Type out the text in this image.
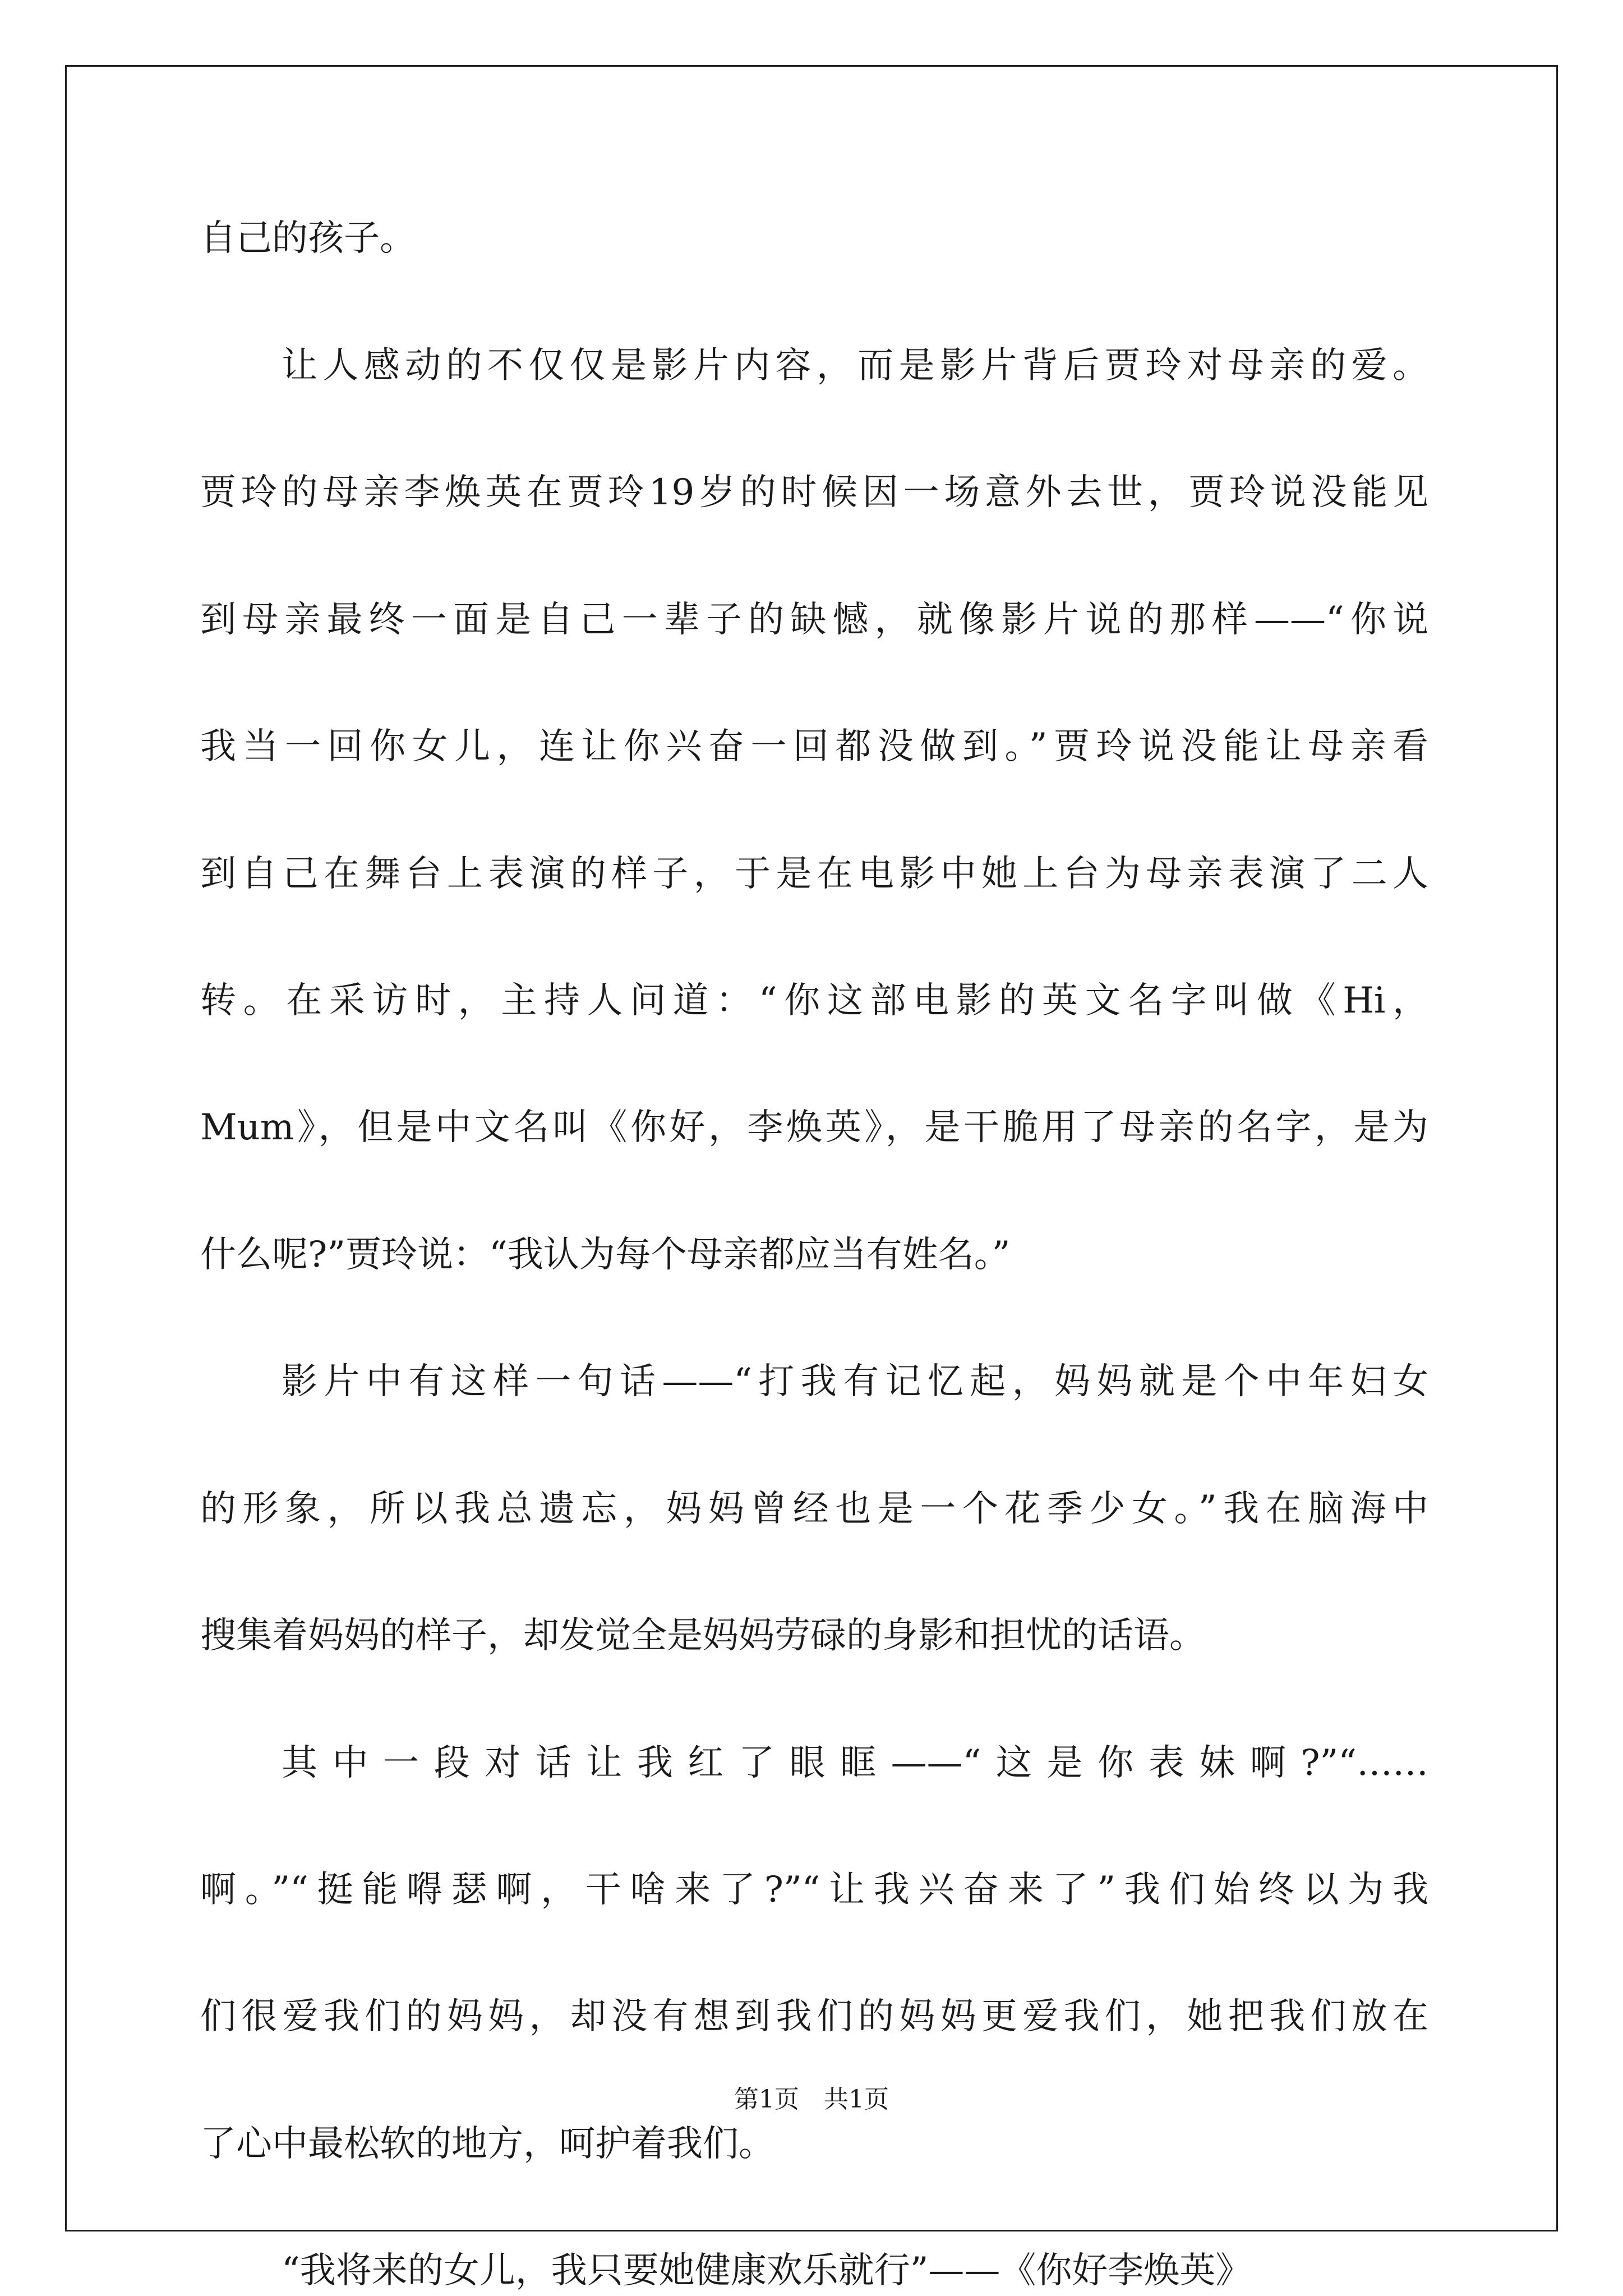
自己的孩子。
让人感动的不仅仅是影片内容，而是影片背后贾玲对母亲的爱。
贾玲的母亲李焕英在贾玲19岁的时候因一场意外去世，贾玲说没能见
到母亲最终一面是自己一辈子的缺憾，就像影片说的那样——“你说
我当一回你女儿，连让你兴奋一回都没做到。”贾玲说没能让母亲看
到自己在舞台上表演的样子，于是在电影中她上台为母亲表演了二人
转。在采访时，主持人问道：“你这部电影的英文名字叫做《Hi，
Mum》，但是中文名叫《你好，李焕英》，是干脆用了母亲的名字，是为
什么呢?”贾玲说：“我认为每个母亲都应当有姓名。”
影片中有这样一句话——“打我有记忆起，妈妈就是个中年妇女
的形象，所以我总遗忘，妈妈曾经也是一个花季少女。”我在脑海中
搜集着妈妈的样子，却发觉全是妈妈劳碌的身影和担忧的话语。
其中一段对话让我红了眼眶——“这是你表妹啊?”“……
啊。”“挺能嘚瑟啊，干啥来了?”“让我兴奋来了”我们始终以为我
们很爱我们的妈妈，却没有想到我们的妈妈更爱我们，她把我们放在
了心中最松软的地方，呵护着我们。
“我将来的女儿，我只要她健康欢乐就行”——《你好李焕英》
第1页　共1页
